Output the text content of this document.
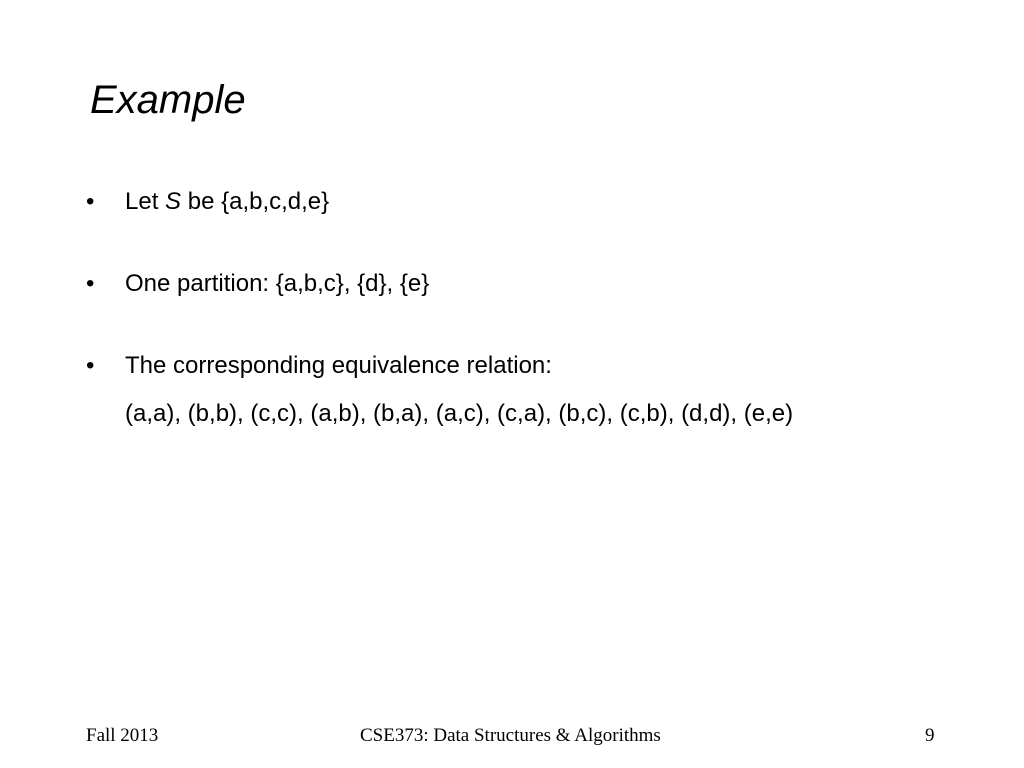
Example
• Let S be {a,b,c,d,e}
• One partition: {a,b,c}, {d}, {e}
• The corresponding equivalence relation:
(a,a), (b,b), (c,c), (a,b), (b,a), (a,c), (c,a), (b,c), (c,b), (d,d), (e,e)
Fall 2013	CSE373: Data Structures & Algorithms	9
